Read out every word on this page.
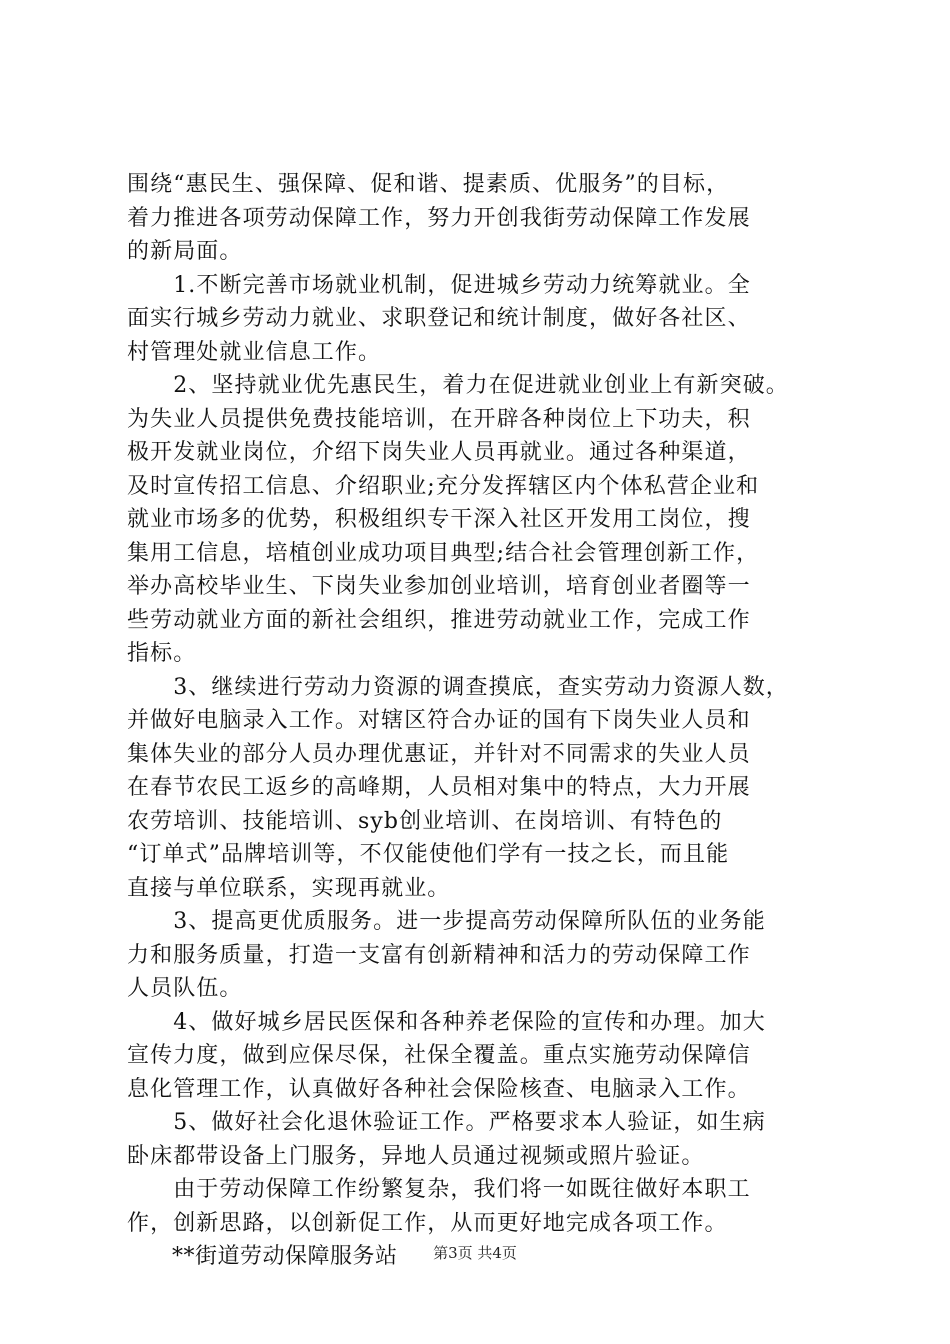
围绕“惠民生、强保障、促和谐、提素质、优服务”的目标，
着力推进各项劳动保障工作，努力开创我街劳动保障工作发展
的新局面。
　　1.不断完善市场就业机制，促进城乡劳动力统筹就业。全
面实行城乡劳动力就业、求职登记和统计制度，做好各社区、
村管理处就业信息工作。
　　2、坚持就业优先惠民生，着力在促进就业创业上有新突破。
为失业人员提供免费技能培训，在开辟各种岗位上下功夫，积
极开发就业岗位，介绍下岗失业人员再就业。通过各种渠道，
及时宣传招工信息、介绍职业;充分发挥辖区内个体私营企业和
就业市场多的优势，积极组织专干深入社区开发用工岗位，搜
集用工信息，培植创业成功项目典型;结合社会管理创新工作，
举办高校毕业生、下岗失业参加创业培训，培育创业者圈等一
些劳动就业方面的新社会组织，推进劳动就业工作，完成工作
指标。
　　3、继续进行劳动力资源的调查摸底，查实劳动力资源人数，
并做好电脑录入工作。对辖区符合办证的国有下岗失业人员和
集体失业的部分人员办理优惠证，并针对不同需求的失业人员
在春节农民工返乡的高峰期，人员相对集中的特点，大力开展
农劳培训、技能培训、syb创业培训、在岗培训、有特色的
“订单式”品牌培训等，不仅能使他们学有一技之长，而且能
直接与单位联系，实现再就业。
　　3、提高更优质服务。进一步提高劳动保障所队伍的业务能
力和服务质量，打造一支富有创新精神和活力的劳动保障工作
人员队伍。
　　4、做好城乡居民医保和各种养老保险的宣传和办理。加大
宣传力度，做到应保尽保，社保全覆盖。重点实施劳动保障信
息化管理工作，认真做好各种社会保险核查、电脑录入工作。
　　5、做好社会化退休验证工作。严格要求本人验证，如生病
卧床都带设备上门服务，异地人员通过视频或照片验证。
　　由于劳动保障工作纷繁复杂，我们将一如既往做好本职工
作，创新思路，以创新促工作，从而更好地完成各项工作。
　　**街道劳动保障服务站	第3页 共4页
